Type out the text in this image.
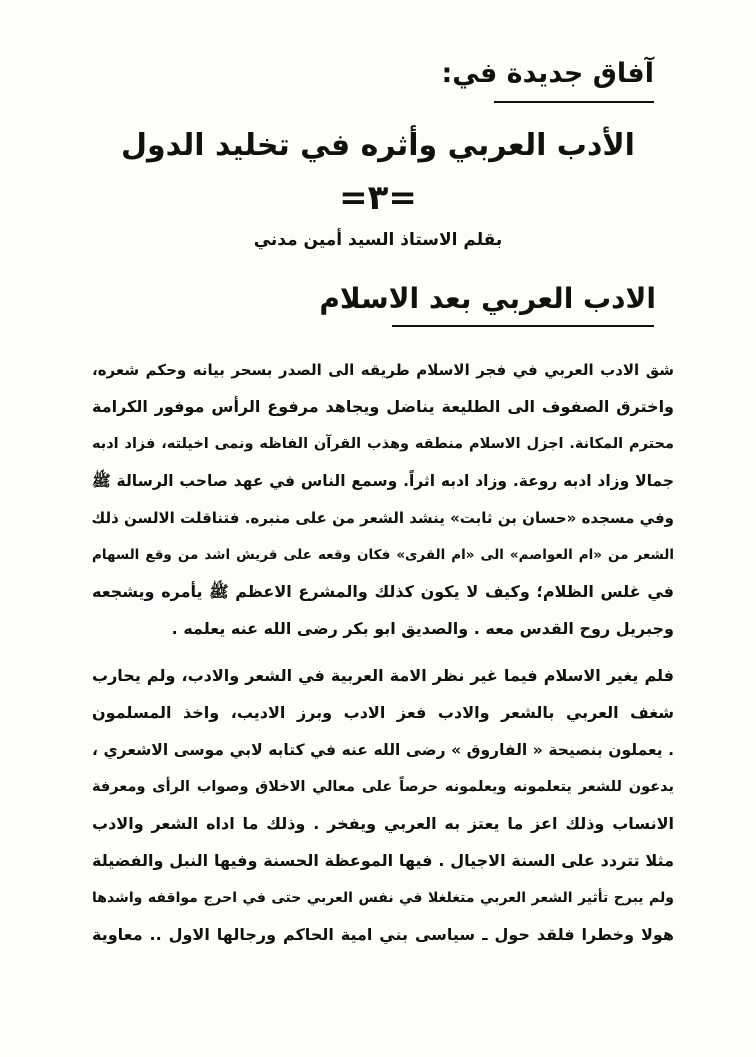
آفاق جديدة في:
الأدب العربي وأثره في تخليد الدول
=۳=
بقلم الاستاذ السيد أمين مدني
الادب العربي بعد الاسلام
شق الادب العربي في فجر الاسلام طريقه الى الصدر بسحر بيانه وحكم شعره،
واخترق الصفوف الى الطليعة يناضل ويجاهد مرفوع الرأس موفور الكرامة
محترم المكانة. اجزل الاسلام منطقه وهذب القرآن الفاظه ونمى اخيلته، فزاد ادبه
جمالا وزاد ادبه روعة. وزاد ادبه اثراً. وسمع الناس في عهد صاحب الرسالة ﷺ
وفي مسجده «حسان بن ثابت» ينشد الشعر من على منبره. فتناقلت الالسن ذلك
الشعر من «ام العواصم» الى «ام القرى» فكان وقعه على قريش اشد من وقع السهام
في غلس الظلام؛ وكيف لا يكون كذلك والمشرع الاعظم ﷺ يأمره ويشجعه
وجبريل روح القدس معه . والصديق ابو بكر رضى الله عنه يعلمه .
فلم يغير الاسلام فيما غير نظر الامة العربية في الشعر والادب، ولم يحارب
شغف العربي بالشعر والادب فعز الادب وبرز الاديب، واخذ المسلمون
. يعملون بنصيحة « الفاروق » رضى الله عنه في كتابه لابي موسى الاشعري ،
يدعون للشعر يتعلمونه ويعلمونه حرصاً على معالي الاخلاق وصواب الرأى ومعرفة
الانساب وذلك اعز ما يعتز به العربي ويفخر . وذلك ما اداه الشعر والادب
مثلا تتردد على السنة الاجيال . فيها الموعظة الحسنة وفيها النبل والفضيلة
ولم يبرح تأثير الشعر العربي متغلغلا في نفس العربي حتى في احرج مواقفه واشدها
هولا وخطرا فلقد حول ـ سياسى بني امية الحاكم ورجالها الاول .. معاوية
